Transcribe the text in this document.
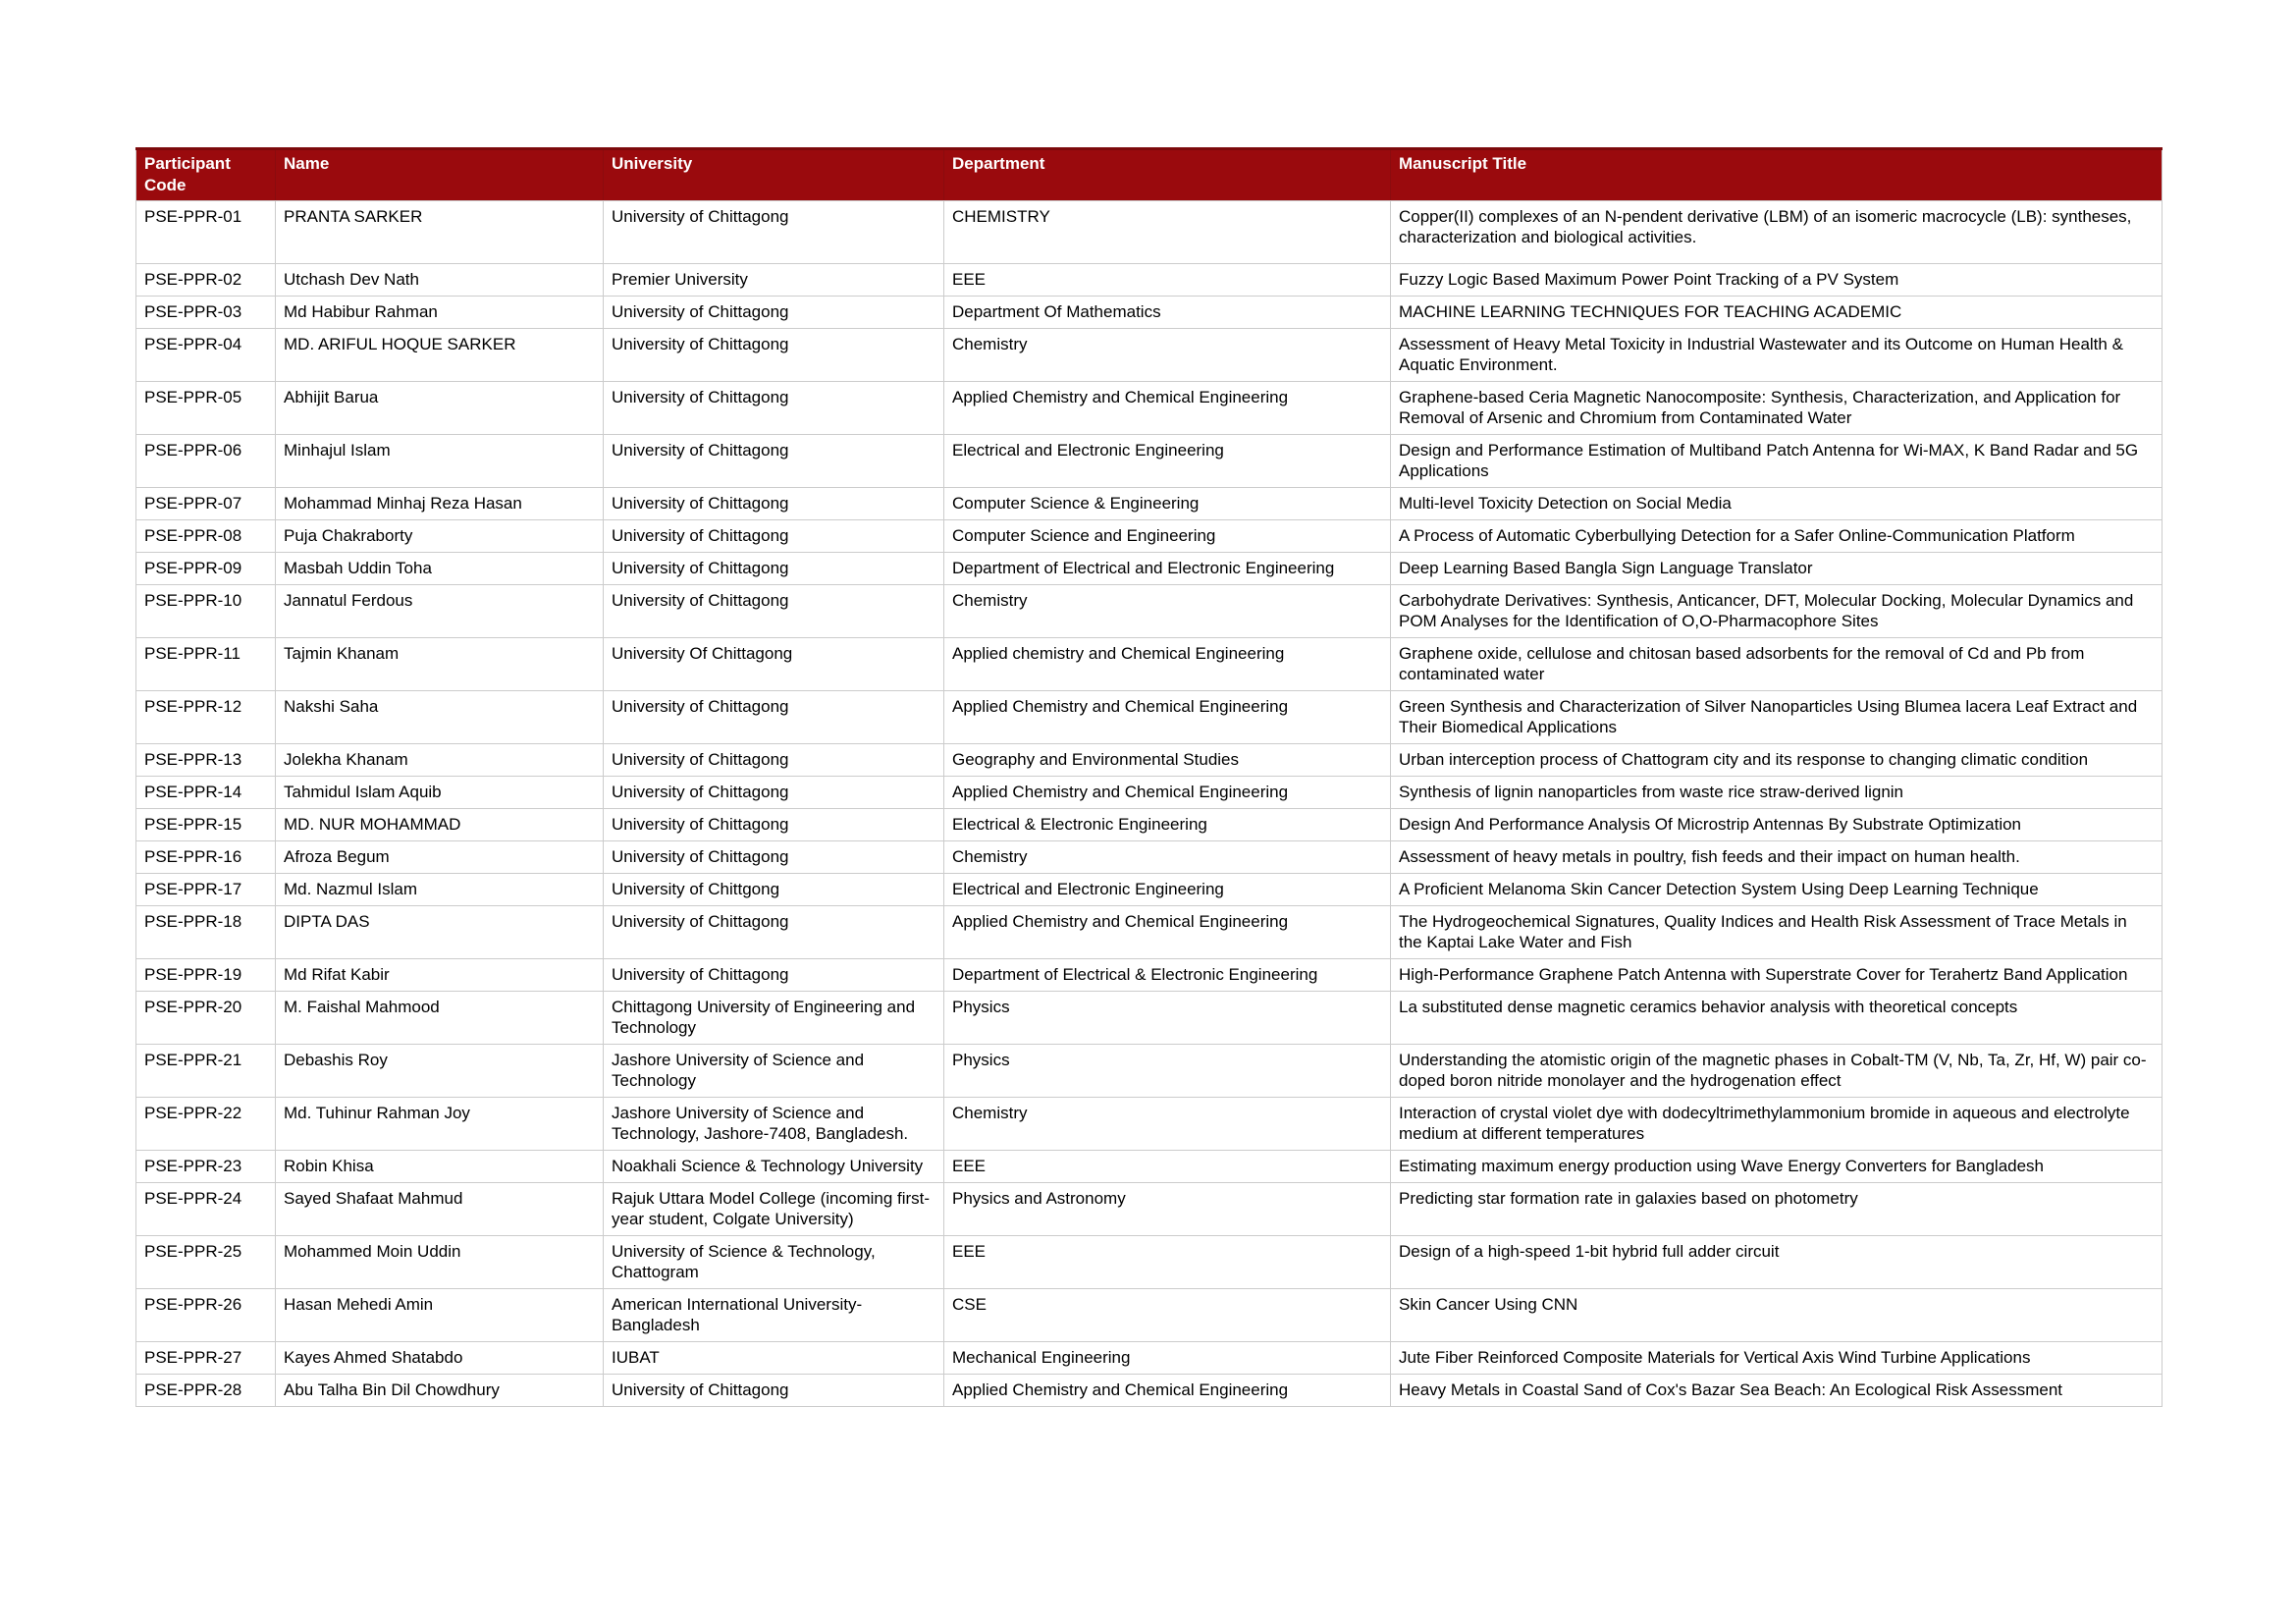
Participant Code	Name	University	Department	Manuscript Title
PSE-PPR-01	PRANTA SARKER	University of Chittagong	CHEMISTRY	Copper(II) complexes of an N-pendent derivative (LBM) of an isomeric macrocycle (LB): syntheses, characterization and biological activities.
PSE-PPR-02	Utchash Dev Nath	Premier University	EEE	Fuzzy Logic Based Maximum Power Point Tracking of a PV System
PSE-PPR-03	Md Habibur Rahman	University of Chittagong	Department Of Mathematics	MACHINE LEARNING TECHNIQUES FOR TEACHING ACADEMIC
PSE-PPR-04	MD. ARIFUL HOQUE SARKER	University of Chittagong	Chemistry	Assessment of Heavy Metal Toxicity in Industrial Wastewater and its Outcome on Human Health & Aquatic Environment.
PSE-PPR-05	Abhijit Barua	University of Chittagong	Applied Chemistry and Chemical Engineering	Graphene-based Ceria Magnetic Nanocomposite: Synthesis, Characterization, and Application for Removal of Arsenic and Chromium from Contaminated Water
PSE-PPR-06	Minhajul Islam	University of Chittagong	Electrical and Electronic Engineering	Design and Performance Estimation of Multiband Patch Antenna for Wi-MAX, K Band Radar and 5G Applications
PSE-PPR-07	Mohammad Minhaj Reza Hasan	University of Chittagong	Computer Science & Engineering	Multi-level Toxicity Detection on Social Media
PSE-PPR-08	Puja Chakraborty	University of Chittagong	Computer Science and Engineering	A Process of Automatic Cyberbullying Detection for a Safer Online-Communication Platform
PSE-PPR-09	Masbah Uddin Toha	University of Chittagong	Department of Electrical and Electronic Engineering	Deep Learning Based Bangla Sign Language Translator
PSE-PPR-10	Jannatul Ferdous	University of Chittagong	Chemistry	Carbohydrate Derivatives: Synthesis, Anticancer, DFT, Molecular Docking, Molecular Dynamics and POM Analyses for the Identification of O,O-Pharmacophore Sites
PSE-PPR-11	Tajmin Khanam	University Of Chittagong	Applied chemistry and Chemical Engineering	Graphene oxide, cellulose and chitosan based adsorbents for the removal of Cd and Pb from contaminated water
PSE-PPR-12	Nakshi Saha	University of Chittagong	Applied Chemistry and Chemical Engineering	Green Synthesis and Characterization of Silver Nanoparticles Using Blumea lacera Leaf Extract and Their Biomedical Applications
PSE-PPR-13	Jolekha Khanam	University of Chittagong	Geography and Environmental Studies	Urban interception process of Chattogram city and its response to changing climatic condition
PSE-PPR-14	Tahmidul Islam Aquib	University of Chittagong	Applied Chemistry and Chemical Engineering	Synthesis of lignin nanoparticles from waste rice straw-derived lignin
PSE-PPR-15	MD. NUR MOHAMMAD	University of Chittagong	Electrical & Electronic Engineering	Design And Performance Analysis Of Microstrip Antennas By Substrate Optimization
PSE-PPR-16	Afroza Begum	University of Chittagong	Chemistry	Assessment of heavy metals in poultry, fish feeds and their impact on human health.
PSE-PPR-17	Md. Nazmul Islam	University of Chittgong	Electrical and Electronic Engineering	A Proficient Melanoma Skin Cancer Detection System Using Deep Learning Technique
PSE-PPR-18	DIPTA DAS	University of Chittagong	Applied Chemistry and Chemical Engineering	The Hydrogeochemical Signatures, Quality Indices and Health Risk Assessment of Trace Metals in the Kaptai Lake Water and Fish
PSE-PPR-19	Md Rifat Kabir	University of Chittagong	Department of Electrical & Electronic Engineering	High-Performance Graphene Patch Antenna with Superstrate Cover for Terahertz Band Application
PSE-PPR-20	M. Faishal Mahmood	Chittagong University of Engineering and Technology	Physics	La substituted dense magnetic ceramics behavior analysis with theoretical concepts
PSE-PPR-21	Debashis Roy	Jashore University of Science and Technology	Physics	Understanding the atomistic origin of the magnetic phases in Cobalt-TM (V, Nb, Ta, Zr, Hf, W) pair co-doped boron nitride monolayer and the hydrogenation effect
PSE-PPR-22	Md. Tuhinur Rahman Joy	Jashore University of Science and Technology, Jashore-7408, Bangladesh.	Chemistry	Interaction of crystal violet dye with dodecyltrimethylammonium bromide in aqueous and electrolyte medium at different temperatures
PSE-PPR-23	Robin Khisa	Noakhali Science & Technology University	EEE	Estimating maximum energy production using Wave Energy Converters for Bangladesh
PSE-PPR-24	Sayed Shafaat Mahmud	Rajuk Uttara Model College (incoming first-year student, Colgate University)	Physics and Astronomy	Predicting star formation rate in galaxies based on photometry
PSE-PPR-25	Mohammed Moin Uddin	University of Science & Technology, Chattogram	EEE	Design of a high-speed 1-bit hybrid full adder circuit
PSE-PPR-26	Hasan Mehedi Amin	American International University-Bangladesh	CSE	Skin Cancer Using CNN
PSE-PPR-27	Kayes Ahmed Shatabdo	IUBAT	Mechanical Engineering	Jute Fiber Reinforced Composite Materials for Vertical Axis Wind Turbine Applications
PSE-PPR-28	Abu Talha Bin Dil Chowdhury	University of Chittagong	Applied Chemistry and Chemical Engineering	Heavy Metals in Coastal Sand of Cox's Bazar Sea Beach: An Ecological Risk Assessment
